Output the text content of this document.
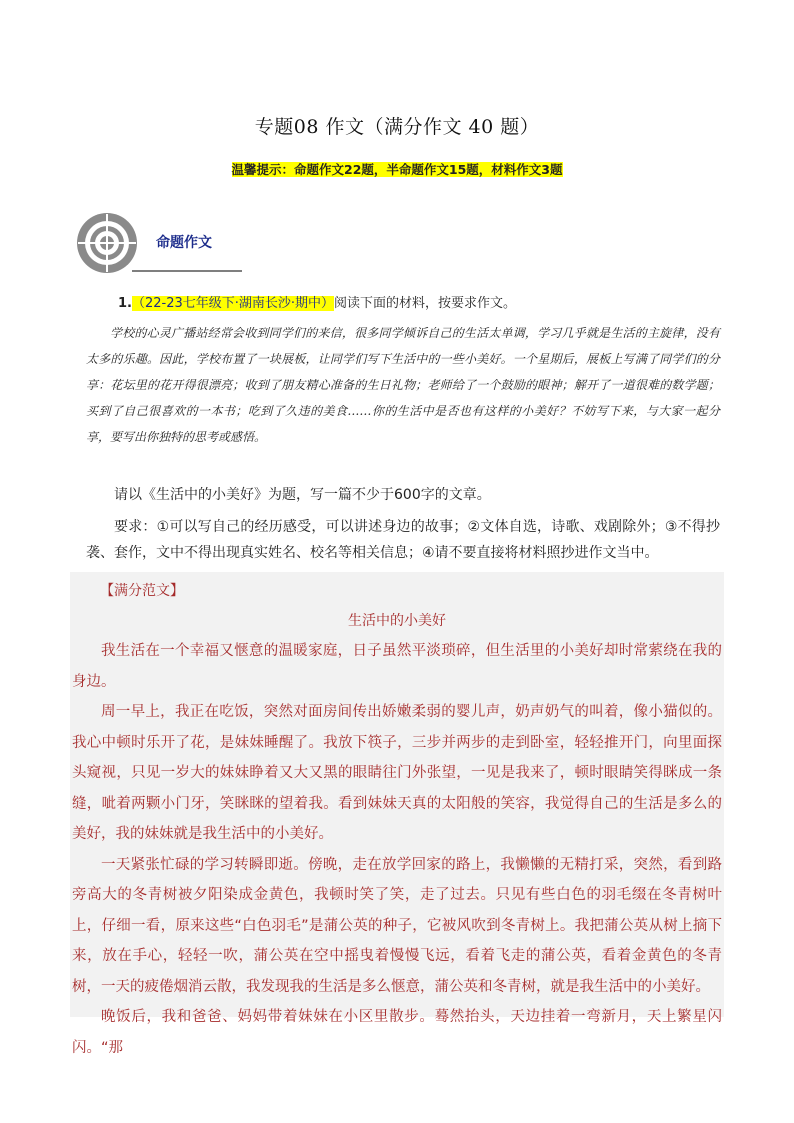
专题08 作文（满分作文 40 题）
温馨提示：命题作文22题，半命题作文15题，材料作文3题
命题作文
1.（22-23七年级下·湖南长沙·期中）阅读下面的材料，按要求作文。
学校的心灵广播站经常会收到同学们的来信，很多同学倾诉自己的生活太单调，学习几乎就是生活的主旋律，没有太多的乐趣。因此，学校布置了一块展板，让同学们写下生活中的一些小美好。一个星期后，展板上写满了同学们的分享：花坛里的花开得很漂亮；收到了朋友精心准备的生日礼物；老师给了一个鼓励的眼神；解开了一道很难的数学题；买到了自己很喜欢的一本书；吃到了久违的美食……你的生活中是否也有这样的小美好？不妨写下来，与大家一起分享，要写出你独特的思考或感悟。
请以《生活中的小美好》为题，写一篇不少于600字的文章。
要求：①可以写自己的经历感受，可以讲述身边的故事；②文体自选，诗歌、戏剧除外；③不得抄袭、套作，文中不得出现真实姓名、校名等相关信息；④请不要直接将材料照抄进作文当中。
【满分范文】
生活中的小美好

我生活在一个幸福又惬意的温暖家庭，日子虽然平淡琐碎，但生活里的小美好却时常萦绕在我的身边。

周一早上，我正在吃饭，突然对面房间传出娇嫩柔弱的婴儿声，奶声奶气的叫着，像小猫似的。我心中顿时乐开了花，是妹妹睡醒了。我放下筷子，三步并两步的走到卧室，轻轻推开门，向里面探头窥视，只见一岁大的妹妹睁着又大又黑的眼睛往门外张望，一见是我来了，顿时眼睛笑得眯成一条缝，呲着两颗小门牙，笑眯眯的望着我。看到妹妹天真的太阳般的笑容，我觉得自己的生活是多么的美好，我的妹妹就是我生活中的小美好。

一天紧张忙碌的学习转瞬即逝。傍晚，走在放学回家的路上，我懒懒的无精打采，突然，看到路旁高大的冬青树被夕阳染成金黄色，我顿时笑了笑，走了过去。只见有些白色的羽毛缀在冬青树叶上，仔细一看，原来这些“白色羽毛”是蒲公英的种子，它被风吹到冬青树上。我把蒲公英从树上摘下来，放在手心，轻轻一吹，蒲公英在空中摇曳着慢慢飞远，看着飞走的蒲公英，看着金黄色的冬青树，一天的疲倦烟消云散，我发现我的生活是多么惬意，蒲公英和冬青树，就是我生活中的小美好。

晚饭后，我和爸爸、妈妈带着妹妹在小区里散步。蓦然抬头，天边挂着一弯新月，天上繁星闪闪。“那
